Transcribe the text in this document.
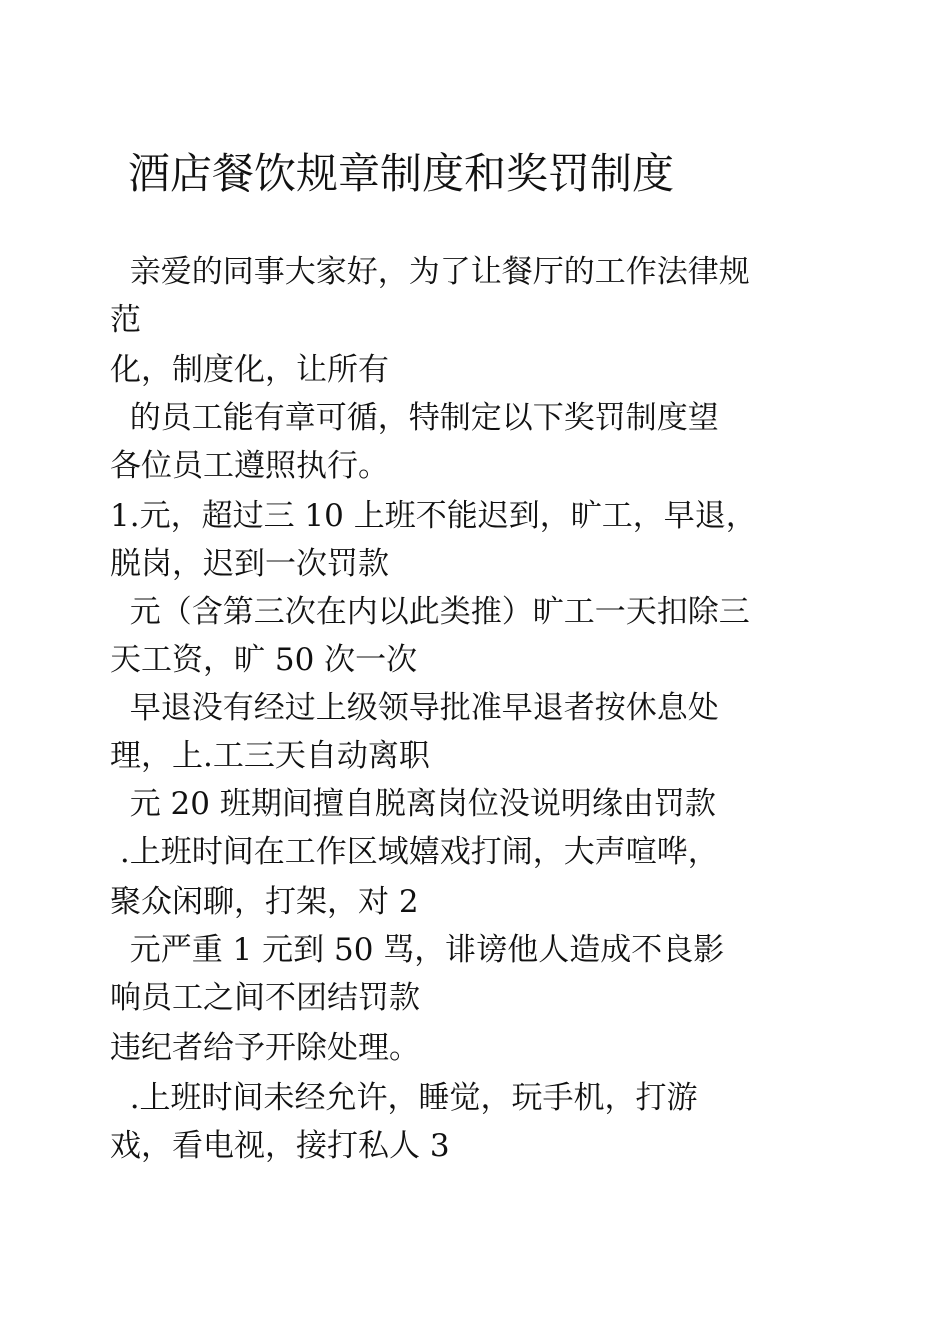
酒店餐饮规章制度和奖罚制度
亲爱的同事大家好，为了让餐厅的工作法律规
范
化，制度化，让所有
的员工能有章可循，特制定以下奖罚制度望
各位员工遵照执行。
1.元，超过三 10 上班不能迟到，旷工，早退，
脱岗，迟到一次罚款
元（含第三次在内以此类推）旷工一天扣除三
天工资，旷 50 次一次
早退没有经过上级领导批准早退者按休息处
理，上.工三天自动离职
元 20 班期间擅自脱离岗位没说明缘由罚款
.上班时间在工作区域嬉戏打闹，大声喧哗，
聚众闲聊，打架，对 2
元严重 1 元到 50 骂，诽谤他人造成不良影
响员工之间不团结罚款
违纪者给予开除处理。
.上班时间未经允许，睡觉，玩手机，打游
戏，看电视，接打私人 3
